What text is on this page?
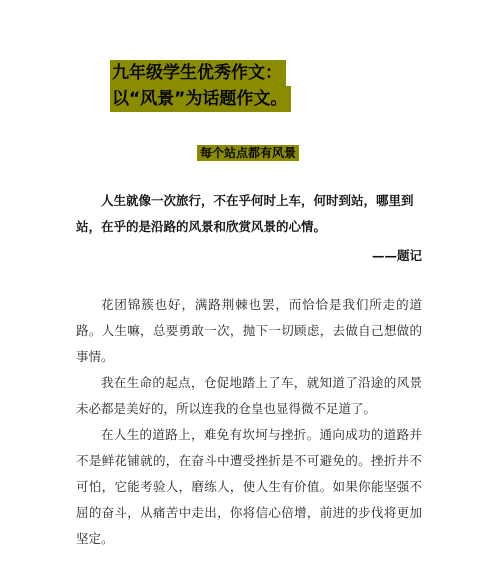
九年级学生优秀作文：
以“风景”为话题作文。
每个站点都有风景

人生就像一次旅行，不在乎何时上车，何时到站，哪里到站，在乎的是沿路的风景和欣赏风景的心情。

——题记

花团锦簇也好，满路荆棘也罢，而恰恰是我们所走的道路。人生嘛，总要勇敢一次，抛下一切顾虑，去做自己想做的事情。

我在生命的起点，仓促地踏上了车，就知道了沿途的风景未必都是美好的，所以连我的仓皇也显得微不足道了。

在人生的道路上，难免有坎坷与挫折。通向成功的道路并不是鲜花铺就的，在奋斗中遭受挫折是不可避免的。挫折并不可怕，它能考验人，磨练人，使人生有价值。如果你能坚强不屈的奋斗，从痛苦中走出，你将信心倍增，前进的步伐将更加坚定。
